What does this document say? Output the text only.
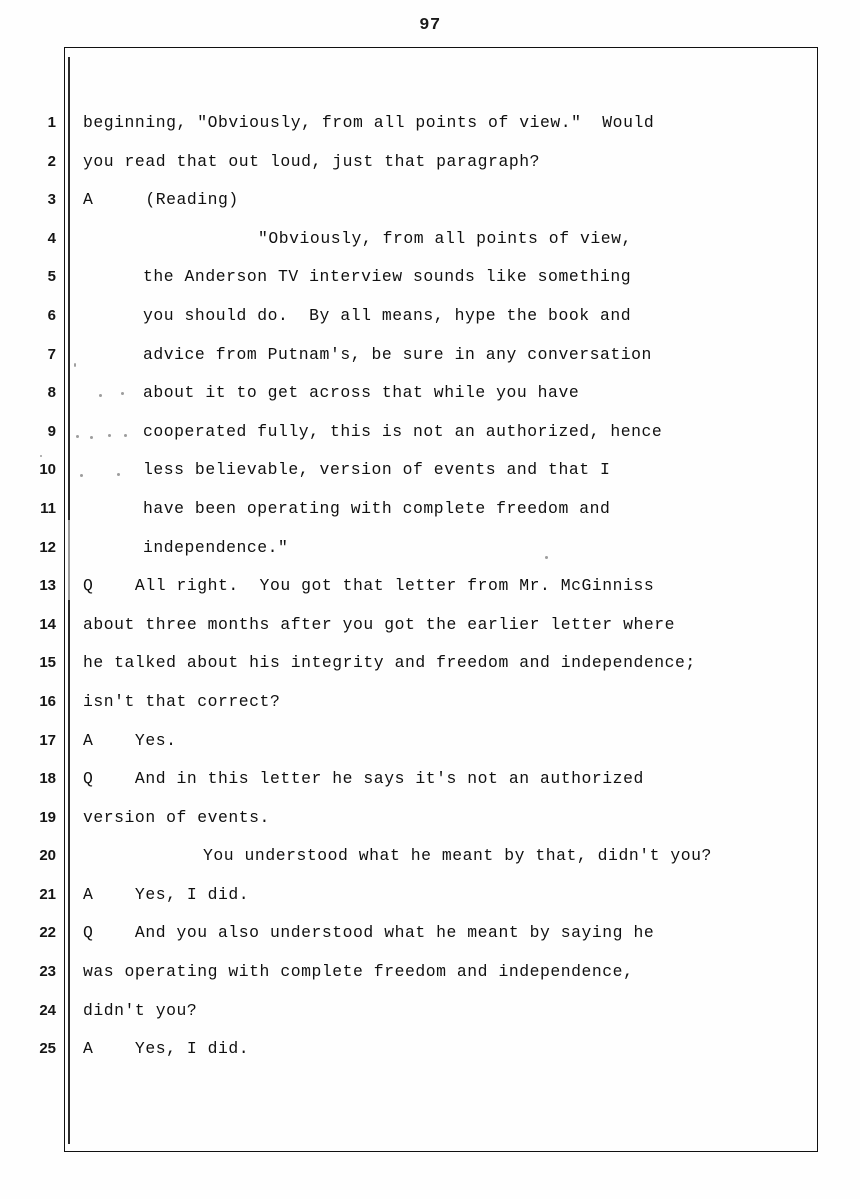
97
1 beginning, "Obviously, from all points of view."  Would
2 you read that out loud, just that paragraph?
3 A     (Reading)
4	"Obviously, from all points of view,
5	the Anderson TV interview sounds like something
6	you should do.  By all means, hype the book and
7	advice from Putnam's, be sure in any conversation
8	about it to get across that while you have
9	cooperated fully, this is not an authorized, hence
10	less believable, version of events and that I
11	have been operating with complete freedom and
12	independence."
13 Q    All right.  You got that letter from Mr. McGinniss
14 about three months after you got the earlier letter where
15 he talked about his integrity and freedom and independence;
16 isn't that correct?
17 A    Yes.
18 Q    And in this letter he says it's not an authorized
19 version of events.
20	You understood what he meant by that, didn't you?
21 A    Yes, I did.
22 Q    And you also understood what he meant by saying he
23 was operating with complete freedom and independence,
24 didn't you?
25 A    Yes, I did.
